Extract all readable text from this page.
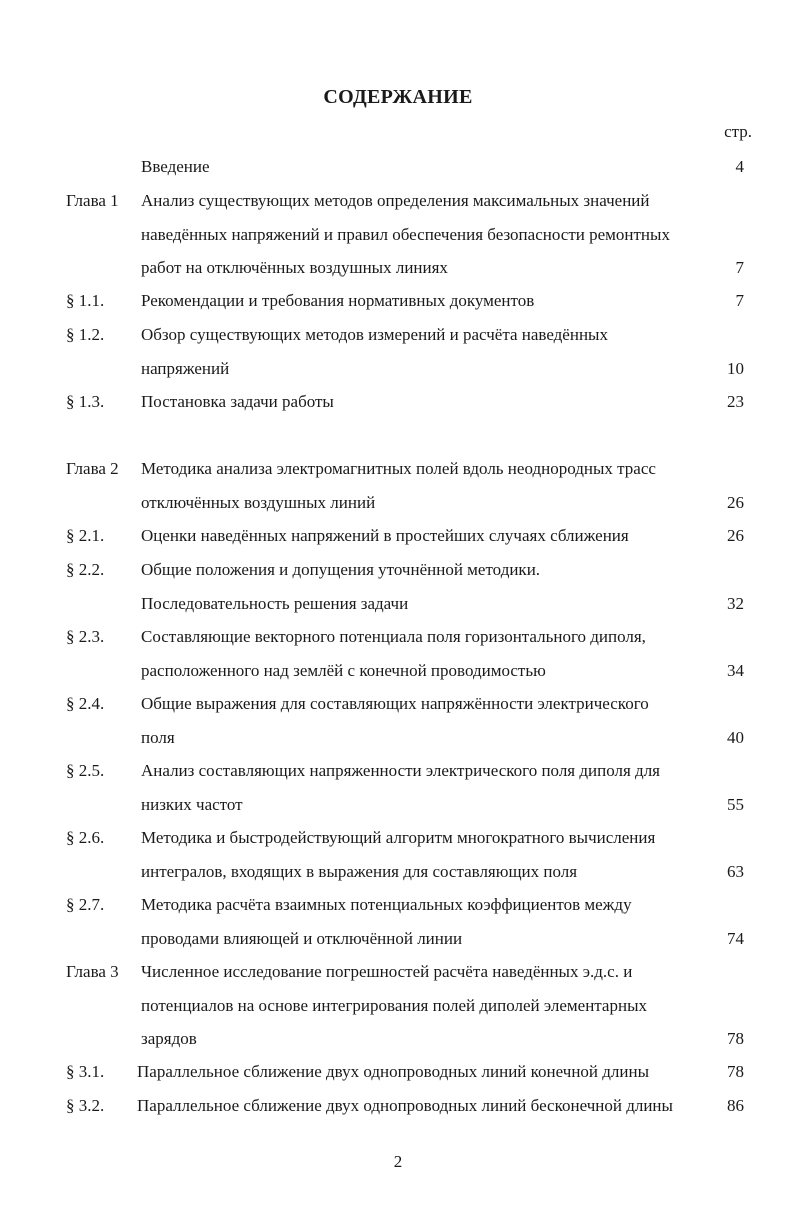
СОДЕРЖАНИЕ
стр.
Введение	4
Глава 1 Анализ существующих методов определения максимальных значений
наведённых напряжений и правил обеспечения безопасности ремонтных
работ на отключённых воздушных линиях	7
§ 1.1. Рекомендации и требования нормативных документов	7
§ 1.2. Обзор существующих методов измерений и расчёта наведённых
напряжений	10
§ 1.3. Постановка задачи работы	23
Глава 2 Методика анализа электромагнитных полей вдоль неоднородных трасс
отключённых воздушных линий	26
§ 2.1. Оценки наведённых напряжений в простейших случаях сближения	26
§ 2.2. Общие положения и допущения уточнённой методики.
Последовательность решения задачи	32
§ 2.3. Составляющие векторного потенциала поля горизонтального диполя,
расположенного над землёй с конечной проводимостью	34
§ 2.4. Общие выражения для составляющих напряжённости электрического
поля	40
§ 2.5. Анализ составляющих напряженности электрического поля диполя для
низких частот	55
§ 2.6. Методика и быстродействующий алгоритм многократного вычисления
интегралов, входящих в выражения для составляющих поля	63
§ 2.7. Методика расчёта взаимных потенциальных коэффициентов между
проводами влияющей и отключённой линии	74
Глава 3 Численное исследование погрешностей расчёта наведённых э.д.с. и
потенциалов на основе интегрирования полей диполей элементарных
зарядов	78
§ 3.1. Параллельное сближение двух однопроводных линий конечной длины	78
§ 3.2. Параллельное сближение двух однопроводных линий бесконечной длины	86
2
